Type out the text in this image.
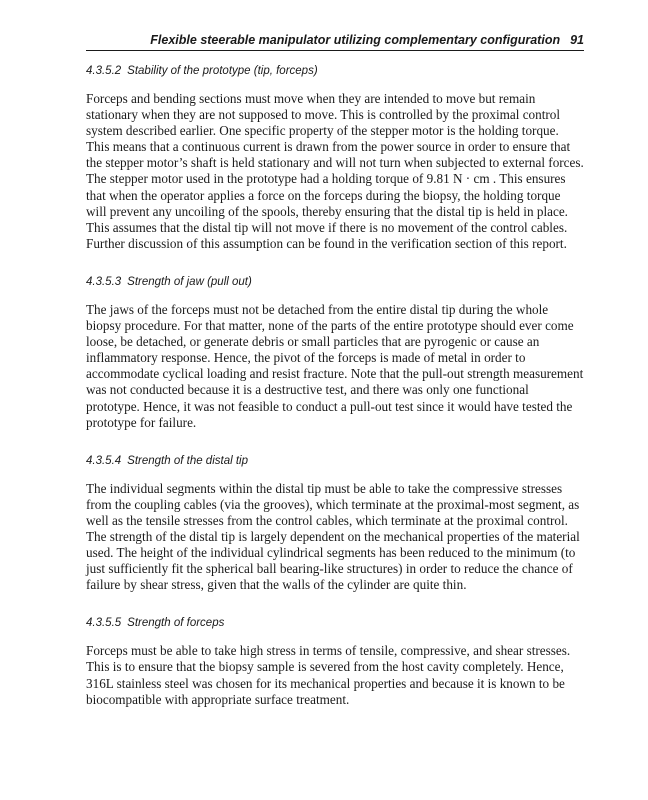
Flexible steerable manipulator utilizing complementary configuration 91
4.3.5.2 Stability of the prototype (tip, forceps)

Forceps and bending sections must move when they are intended to move but remain stationary when they are not supposed to move. This is controlled by the proximal control system described earlier. One specific property of the stepper motor is the holding torque. This means that a continuous current is drawn from the power source in order to ensure that the stepper motor’s shaft is held stationary and will not turn when subjected to external forces. The stepper motor used in the prototype had a holding torque of 9.81 N · cm . This ensures that when the operator applies a force on the forceps during the biopsy, the holding torque will prevent any uncoiling of the spools, thereby ensuring that the distal tip is held in place. This assumes that the distal tip will not move if there is no movement of the control cables. Further discussion of this assumption can be found in the verification section of this report.

4.3.5.3 Strength of jaw (pull out)

The jaws of the forceps must not be detached from the entire distal tip during the whole biopsy procedure. For that matter, none of the parts of the entire prototype should ever come loose, be detached, or generate debris or small particles that are pyrogenic or cause an inflammatory response. Hence, the pivot of the forceps is made of metal in order to accommodate cyclical loading and resist fracture. Note that the pull-out strength measurement was not conducted because it is a destructive test, and there was only one functional prototype. Hence, it was not feasible to conduct a pull-out test since it would have tested the prototype for failure.

4.3.5.4 Strength of the distal tip

The individual segments within the distal tip must be able to take the compressive stresses from the coupling cables (via the grooves), which terminate at the proximal-most segment, as well as the tensile stresses from the control cables, which terminate at the proximal control. The strength of the distal tip is largely dependent on the mechanical properties of the material used. The height of the individual cylindrical segments has been reduced to the minimum (to just sufficiently fit the spherical ball bearing-like structures) in order to reduce the chance of failure by shear stress, given that the walls of the cylinder are quite thin.

4.3.5.5 Strength of forceps

Forceps must be able to take high stress in terms of tensile, compressive, and shear stresses. This is to ensure that the biopsy sample is severed from the host cavity completely. Hence, 316L stainless steel was chosen for its mechanical properties and because it is known to be biocompatible with appropriate surface treatment.
